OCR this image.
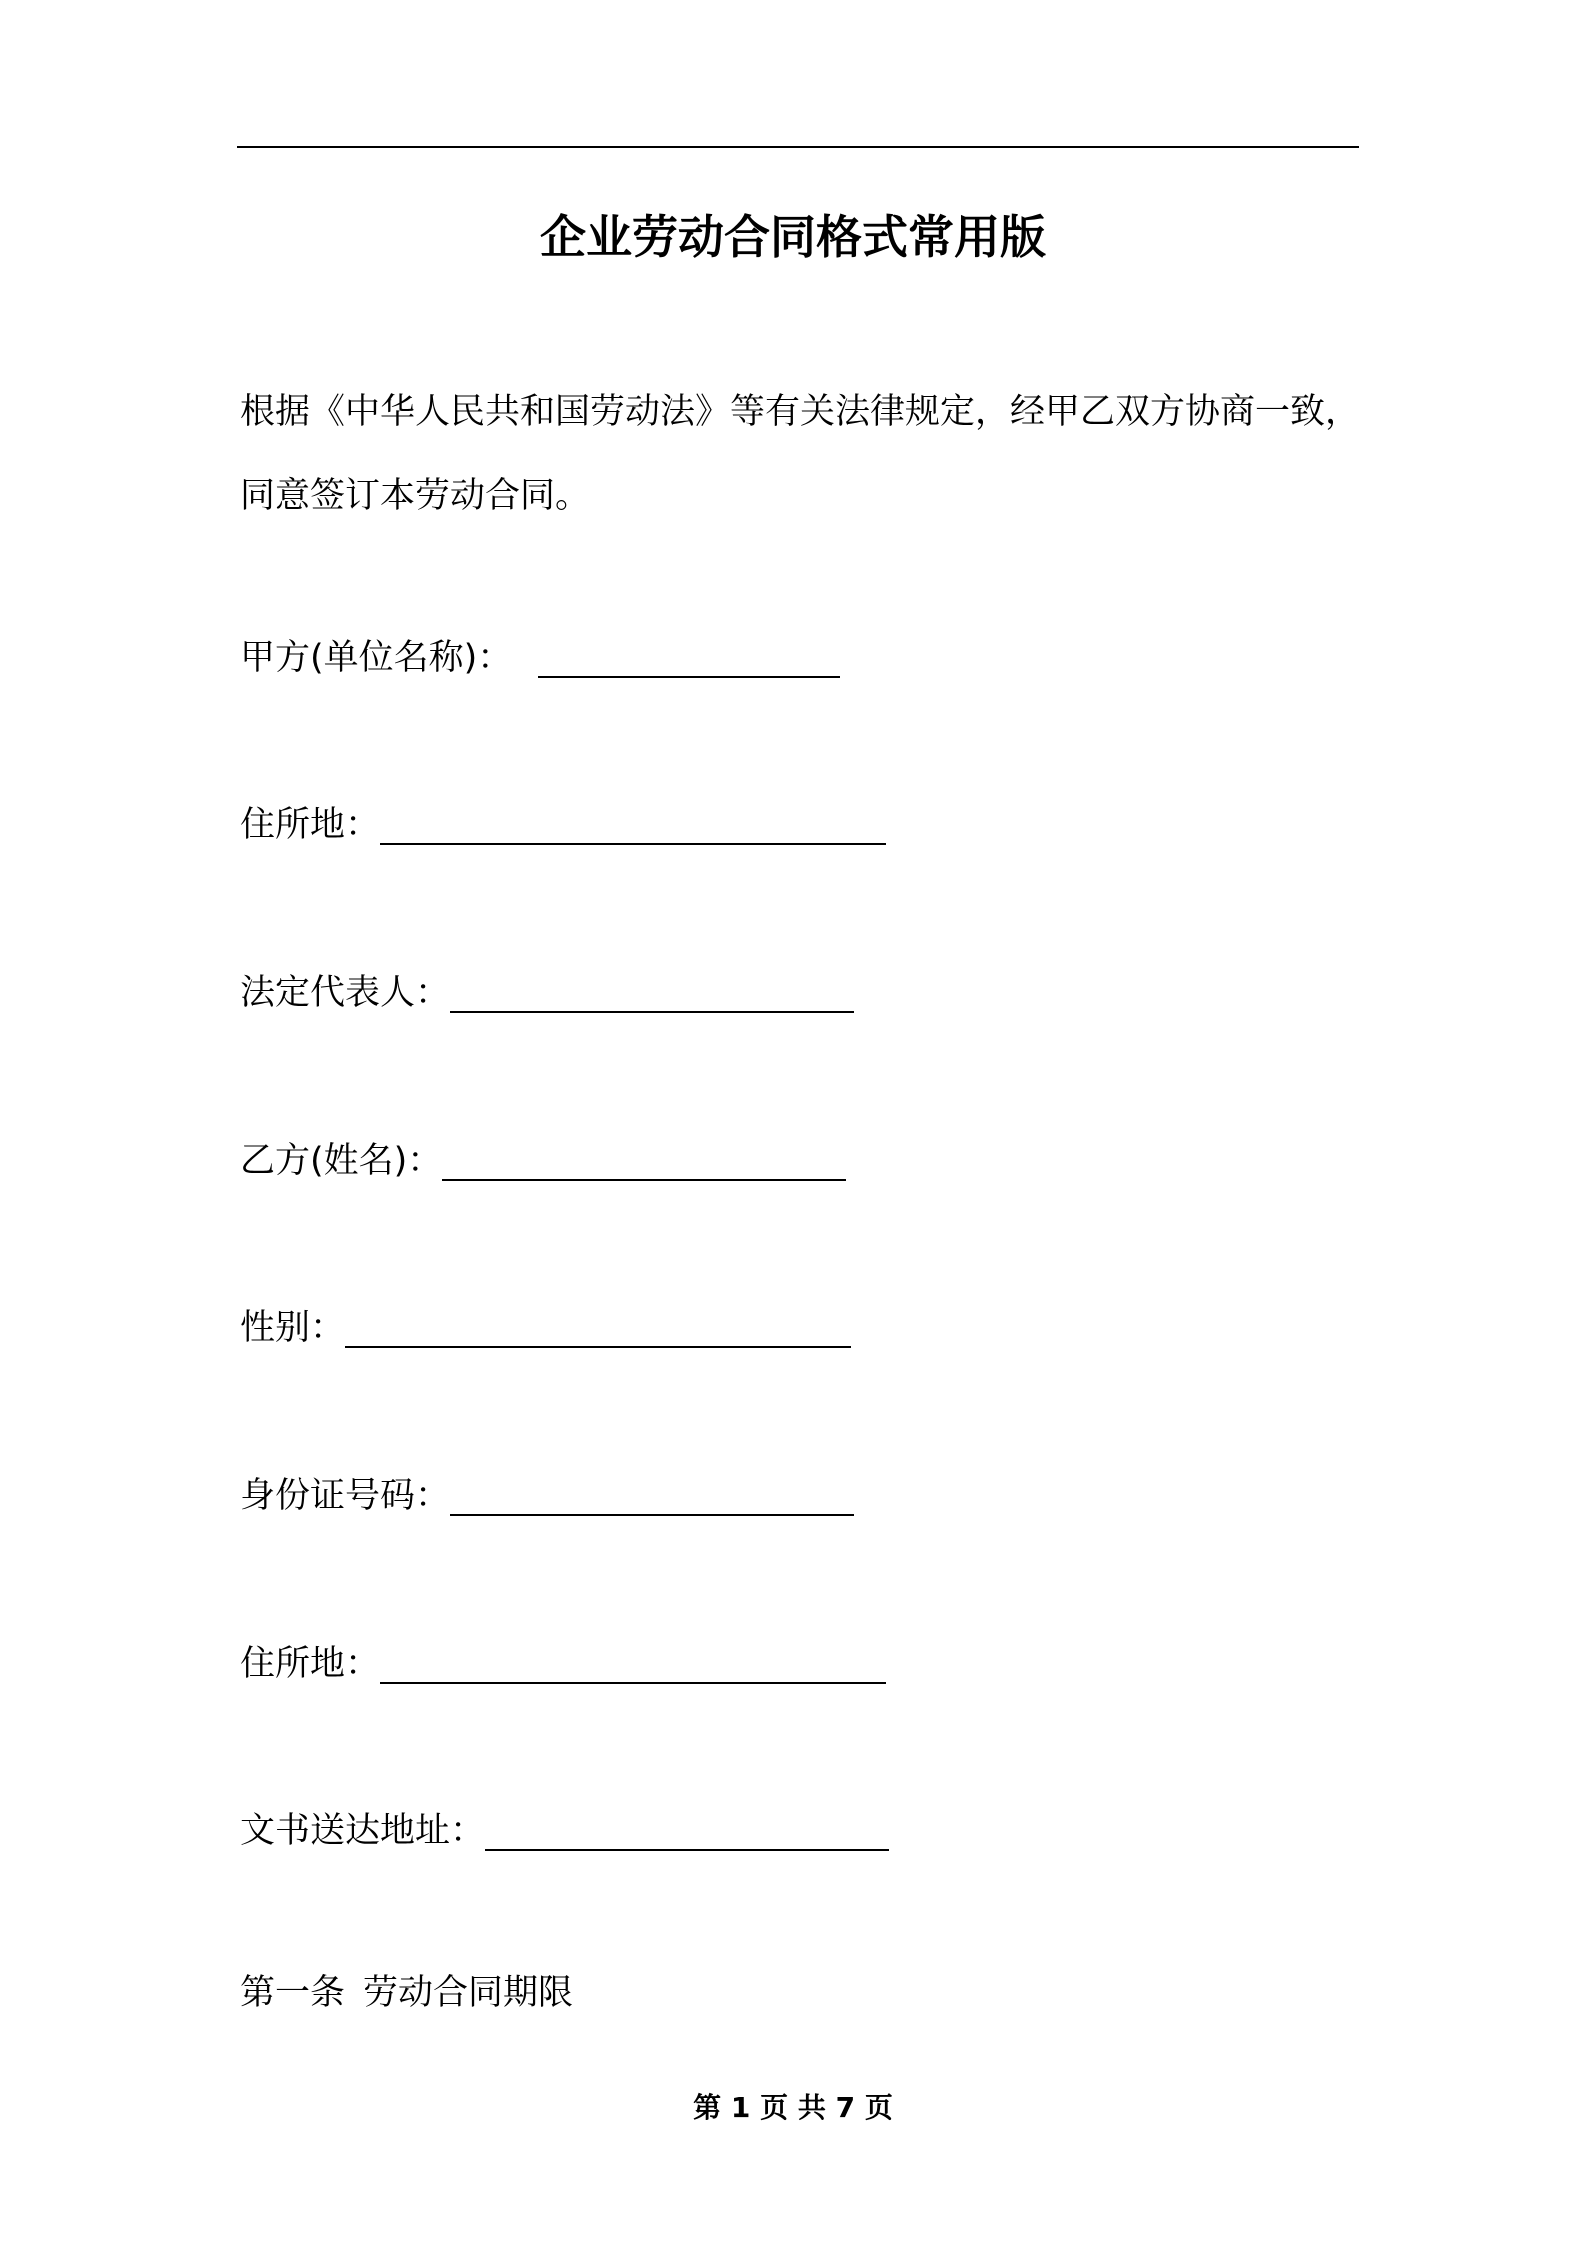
企业劳动合同格式常用版

根据《中华人民共和国劳动法》等有关法律规定，经甲乙双方协商一致，同意签订本劳动合同。

甲方(单位名称)：
住所地：
法定代表人：
乙方(姓名)：
性别：
身份证号码：
住所地：
文书送达地址：
第一条 劳动合同期限
第 1 页 共 7 页
